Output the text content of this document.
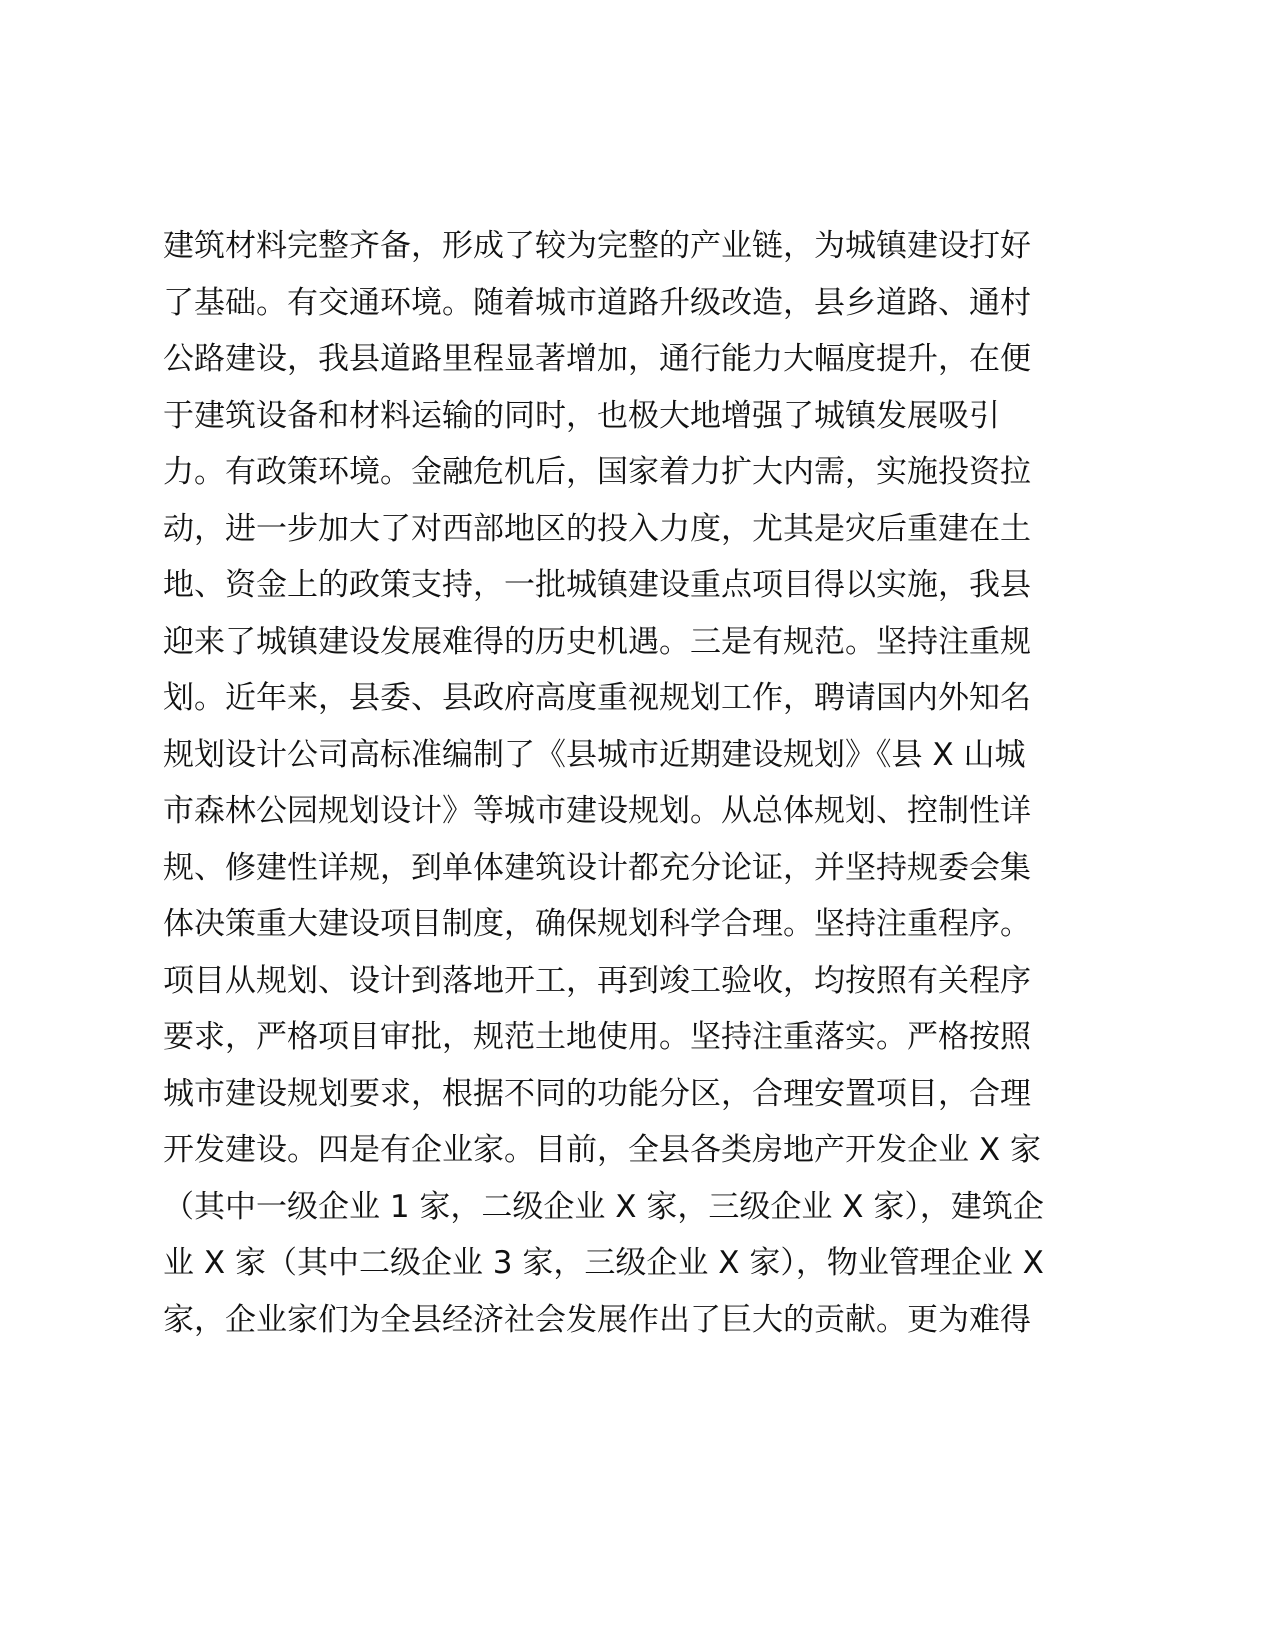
建筑材料完整齐备，形成了较为完整的产业链，为城镇建设打好
了基础。有交通环境。随着城市道路升级改造，县乡道路、通村
公路建设，我县道路里程显著增加，通行能力大幅度提升，在便
于建筑设备和材料运输的同时，也极大地增强了城镇发展吸引
力。有政策环境。金融危机后，国家着力扩大内需，实施投资拉
动，进一步加大了对西部地区的投入力度，尤其是灾后重建在土
地、资金上的政策支持，一批城镇建设重点项目得以实施，我县
迎来了城镇建设发展难得的历史机遇。三是有规范。坚持注重规
划。近年来，县委、县政府高度重视规划工作，聘请国内外知名
规划设计公司高标准编制了《县城市近期建设规划》《县 X 山城
市森林公园规划设计》等城市建设规划。从总体规划、控制性详
规、修建性详规，到单体建筑设计都充分论证，并坚持规委会集
体决策重大建设项目制度，确保规划科学合理。坚持注重程序。
项目从规划、设计到落地开工，再到竣工验收，均按照有关程序
要求，严格项目审批，规范土地使用。坚持注重落实。严格按照
城市建设规划要求，根据不同的功能分区，合理安置项目，合理
开发建设。四是有企业家。目前，全县各类房地产开发企业 X 家
（其中一级企业 1 家，二级企业 X 家，三级企业 X 家），建筑企
业 X 家（其中二级企业 3 家，三级企业 X 家），物业管理企业 X
家，企业家们为全县经济社会发展作出了巨大的贡献。更为难得
